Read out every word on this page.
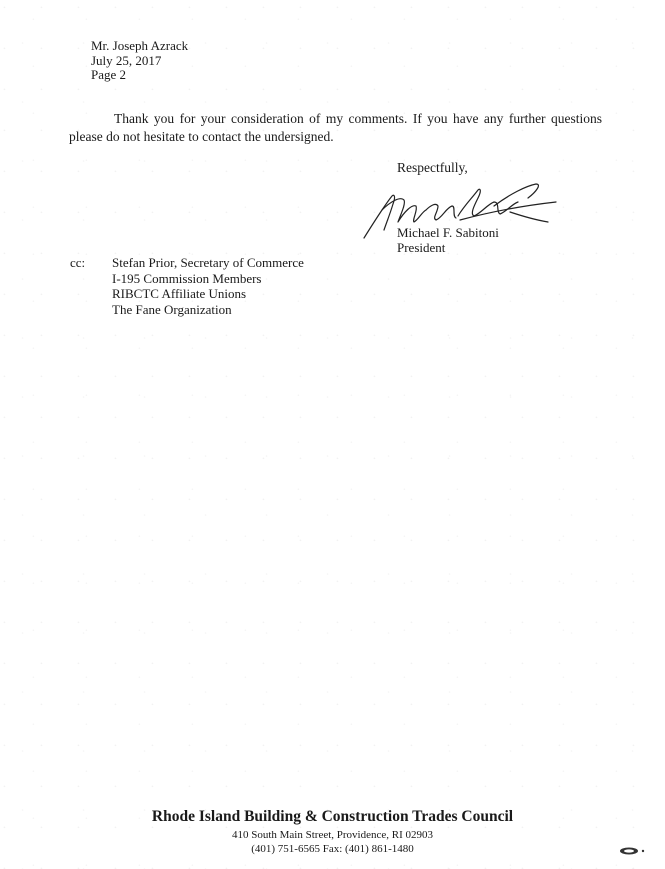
Mr. Joseph Azrack
July 25, 2017
Page 2

Thank you for your consideration of my comments. If you have any further questions
please do not hesitate to contact the undersigned.

Respectfully,
Michael F. Sabitoni
President
cc: Stefan Prior, Secretary of Commerce
I-195 Commission Members
RIBCTC Affiliate Unions
The Fane Organization
Rhode Island Building & Construction Trades Council
410 South Main Street, Providence, RI 02903
(401) 751-6565 Fax: (401) 861-1480
